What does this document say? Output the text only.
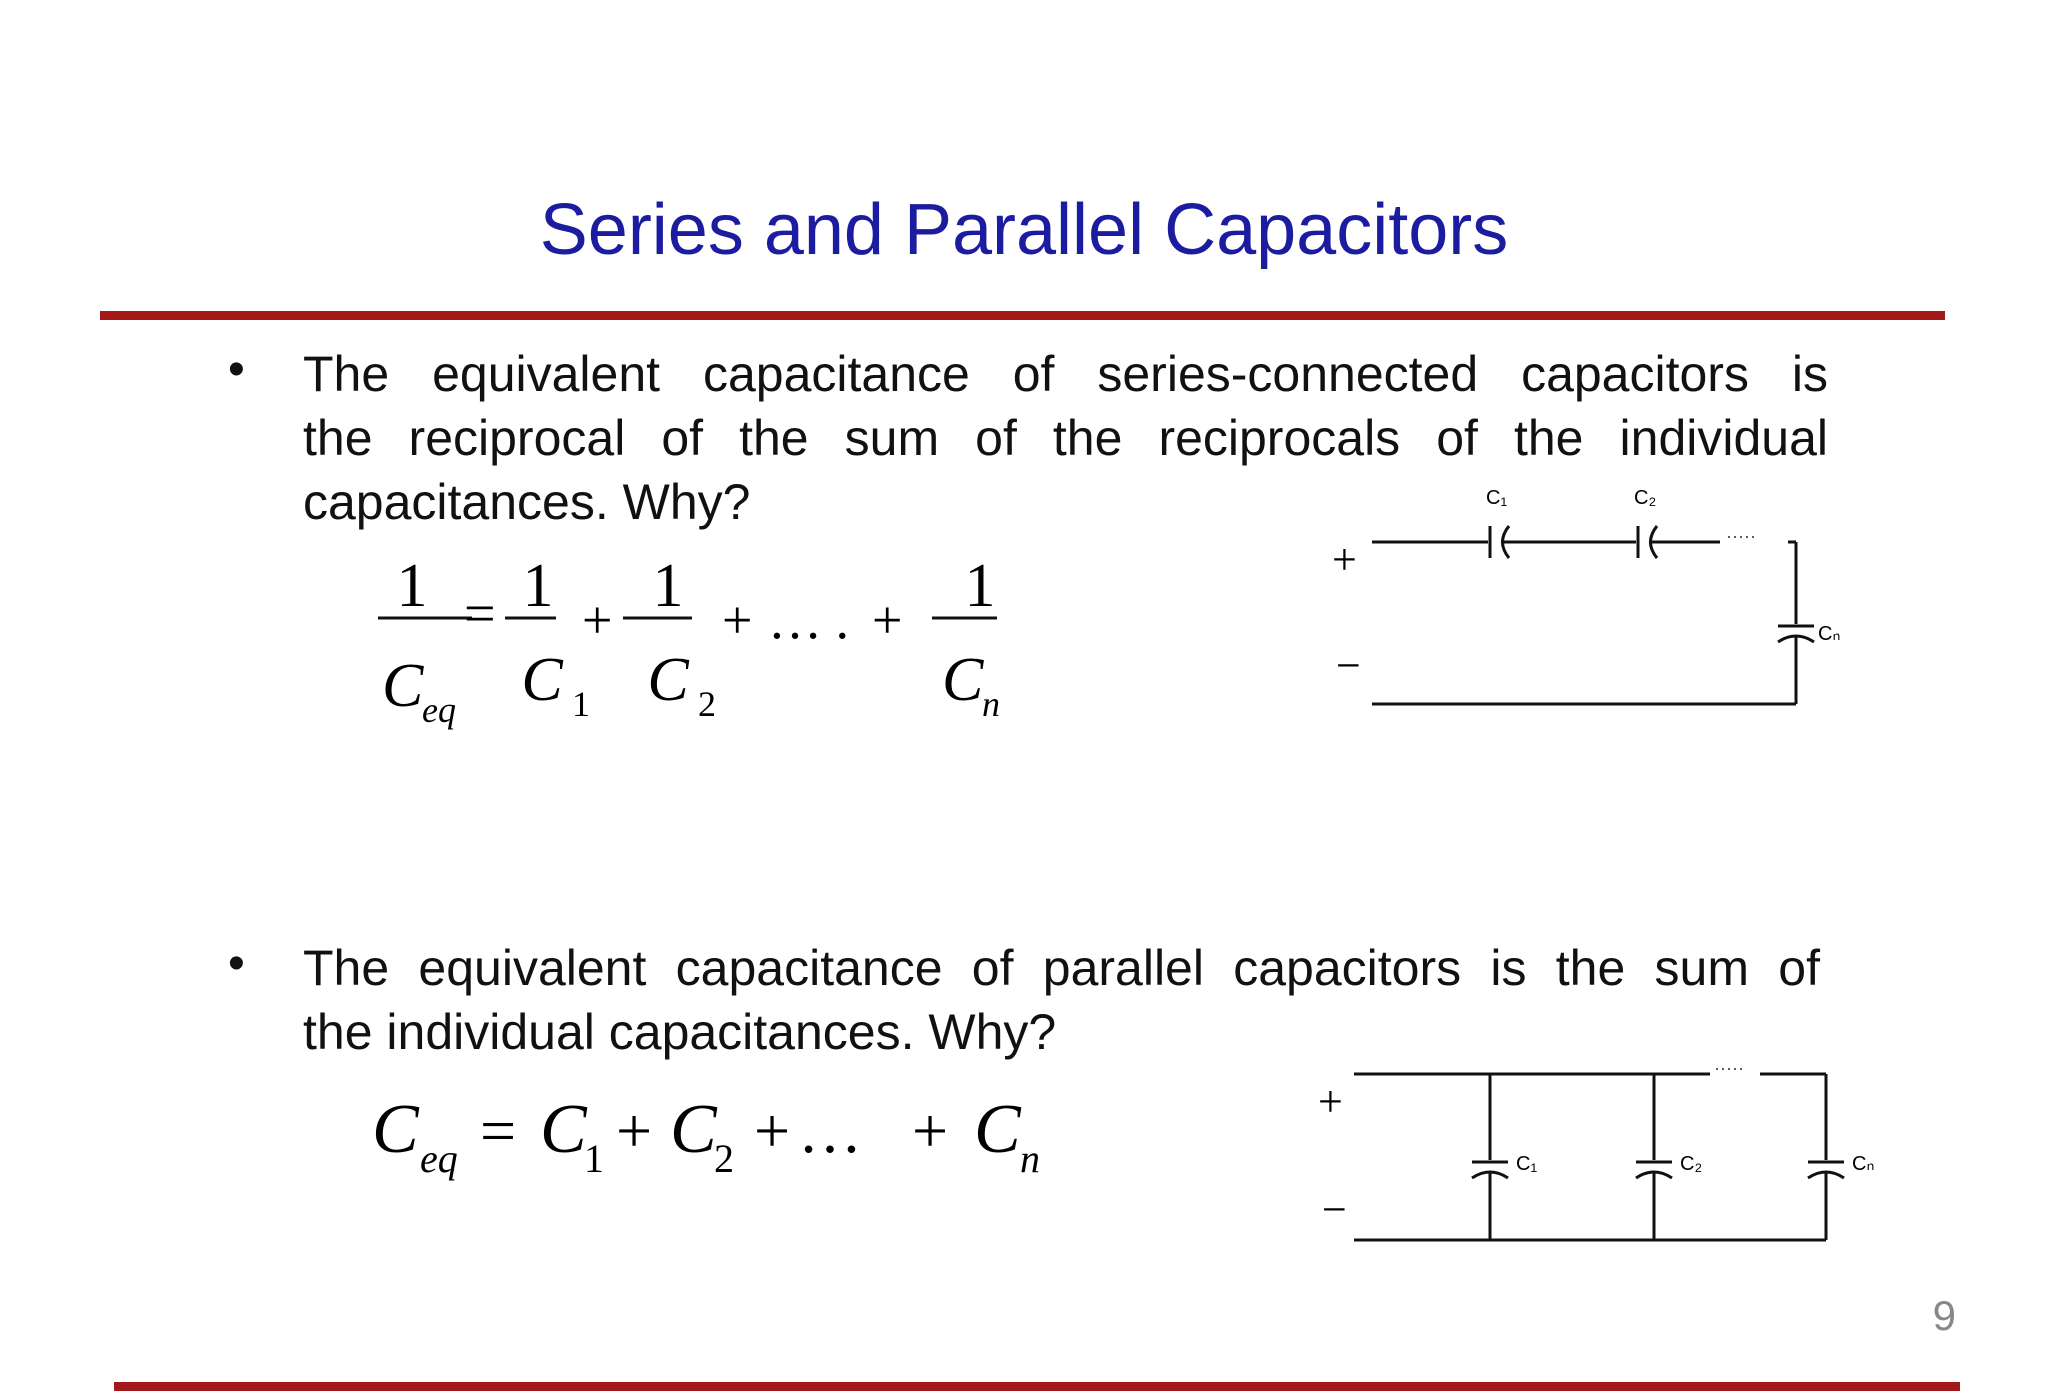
Series and Parallel Capacitors
• The equivalent capacitance of series-connected capacitors is
the reciprocal of the sum of the reciprocals of the individual
capacitances. Why?
1 =
C
eq
1
C 1
+ 1
C 2
+ … . + 1
C
n
+
−
·····
C₁	C₂
Cₙ
• The equivalent capacitance of parallel capacitors is the sum of
the individual capacitances. Why?
C eq = C
1 + C
2 + … + C n
+
−
·····
C₁	C₂	Cₙ
9
